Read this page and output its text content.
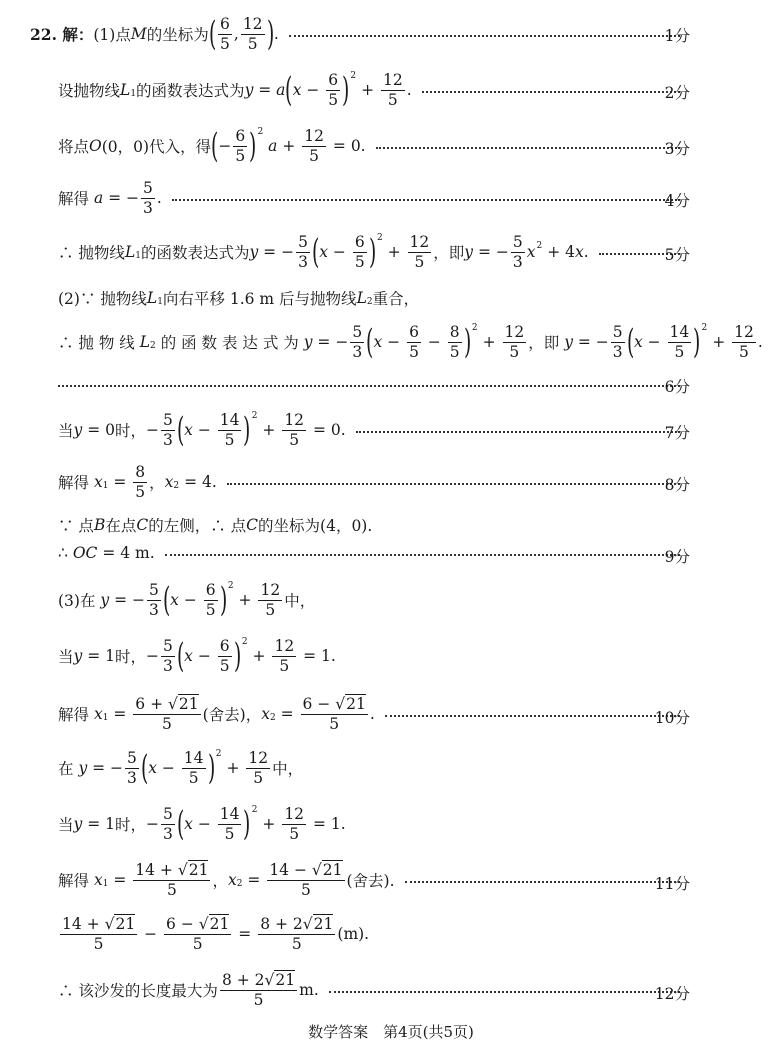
22. 解： (1)点 M 的坐标为 ( $\frac{6}{5}$ , $\frac{12}{5}$ ) .	1分
设抛物线 L 1 的函数表达式为 y = a ( $x - \frac{6}{5}$ ) 2
+ $\frac{12}{5}$ .	2分
将点 O (0，0) 代入，得 ( − $\frac{6}{5}$ ) 2

$a + \frac{12}{5} = 0$.	3分
解得
a = − $\frac{5}{3}$ .	4分
∴ 抛物线 L 1 的函数表达式为 y = − $\frac{5}{3}$ ( $x - \frac{6}{5}$ ) 2
+ $\frac{12}{5}$ ，即 y = − $\frac{5}{3}$ x 2 + 4 x .	5分
(2)∵ 抛物线 L 1 向右平移 1.6 m 后与抛物线 L 2 重合，
∴ 抛 物 线
L 2
的 函 数 表 达 式 为
y = − $\frac{5}{3}$ ( $x - \frac{6}{5} - \frac{8}{5}$ ) 2
+ $\frac{12}{5}$ ，即
y = − $\frac{5}{3}$ ( $x - \frac{14}{5}$ ) 2
+ $\frac{12}{5}$ .
6分
当 y = 0 时， − $\frac{5}{3}$ ( $x - \frac{14}{5}$ ) 2
+ $\frac{12}{5} = 0$.	7分
解得
x $1 = \frac{8}{5}$ ， x 2 = 4.	8分
∵ 点 B 在点 C 的左侧，∴ 点 C 的坐标为(4，0).
∴
OC
= 4 m.	9分
(3)在
y = − $\frac{5}{3}$ ( $x - \frac{6}{5}$ ) 2
+ $\frac{12}{5}$ 中，
当 y = 1 时， − $\frac{5}{3}$ ( $x - \frac{6}{5}$ ) 2
+ $\frac{12}{5} = 1$.
解得
x $1 = \frac{6 + √21}{5}$ (舍去)， x $2 = \frac{6 - √21}{5}$ .	10分
在 y = − $\frac{5}{3}$ ( $x - \frac{14}{5}$ ) 2
+ $\frac{12}{5}$ 中，
当 y = 1 时， − $\frac{5}{3}$ ( $x - \frac{14}{5}$ ) 2
+ $\frac{12}{5} = 1$.
解得
x $1 = \frac{14 + √21}{5}$ ， x $2 = \frac{14 - √21}{5}$ (舍去).	11分
$\frac{14 + √21}{5} - \frac{6 - √21}{5} = \frac{8 + 2√21}{5} (m)$.
∴ 该沙发的长度最大为 $\frac{8 + 2√21}{5} m$.	12分
数学答案　第4页(共5页)
